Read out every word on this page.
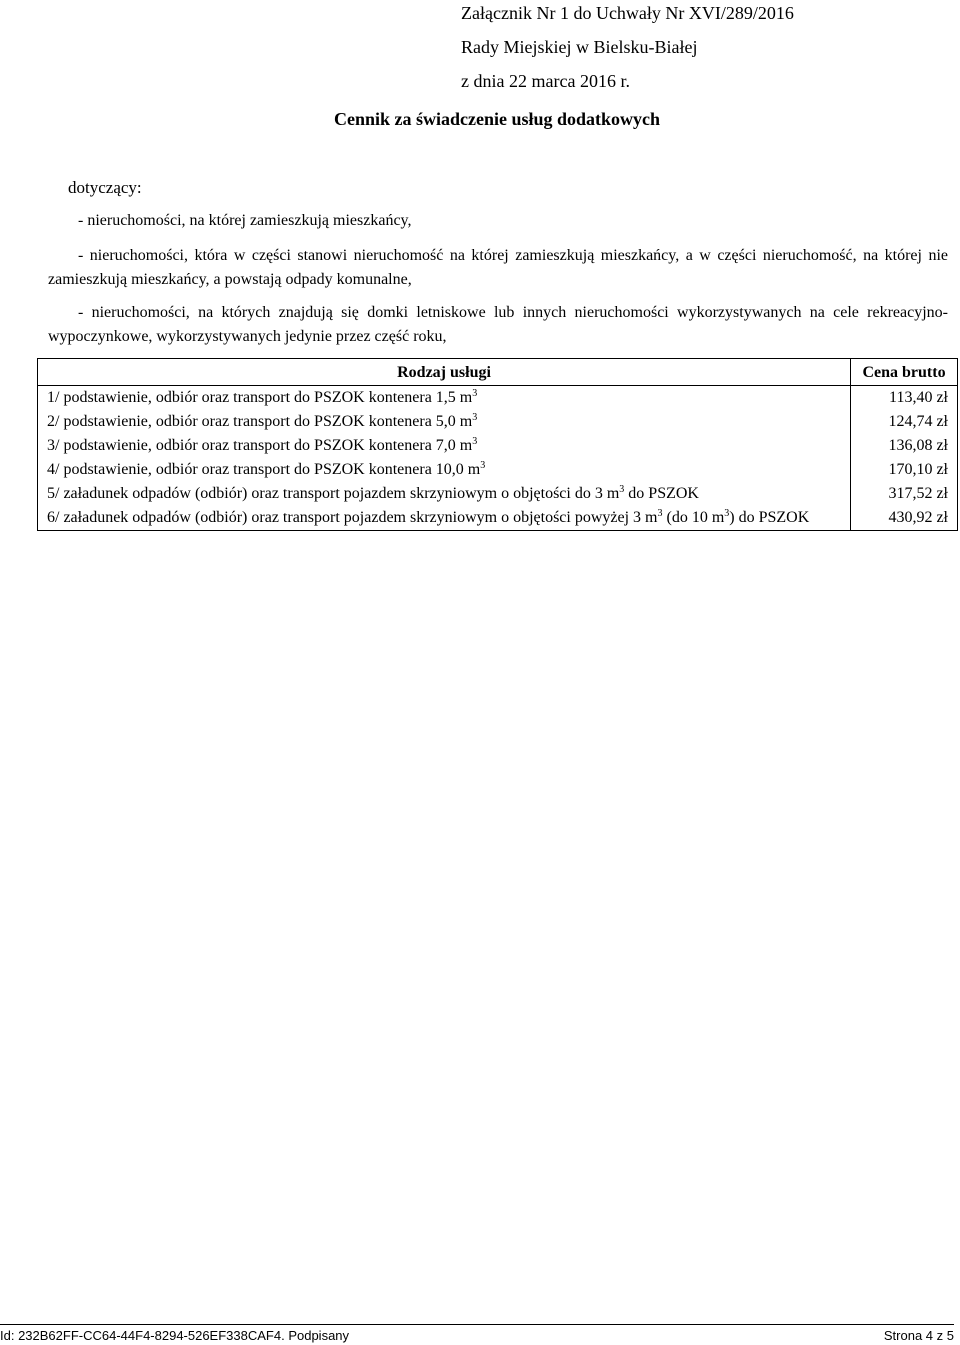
Załącznik Nr 1 do Uchwały Nr XVI/289/2016
Rady Miejskiej w Bielsku-Białej
z dnia 22 marca 2016 r.
Cennik za świadczenie usług dodatkowych
dotyczący:
- nieruchomości, na której zamieszkują mieszkańcy,
- nieruchomości, która w części stanowi nieruchomość na której zamieszkują mieszkańcy, a w części nieruchomość, na której nie zamieszkują mieszkańcy, a powstają odpady komunalne,
- nieruchomości, na których znajdują się domki letniskowe lub innych nieruchomości wykorzystywanych na cele rekreacyjno-wypoczynkowe, wykorzystywanych jedynie przez część roku,
Rodzaj usługi	Cena brutto
1/ podstawienie, odbiór oraz transport do PSZOK kontenera 1,5 $m^3$	113,40 zł
2/ podstawienie, odbiór oraz transport do PSZOK kontenera 5,0 $m^3$	124,74 zł
3/ podstawienie, odbiór oraz transport do PSZOK kontenera 7,0 $m^3$	136,08 zł
4/ podstawienie, odbiór oraz transport do PSZOK kontenera 10,0 $m^3$	170,10 zł
5/ załadunek odpadów (odbiór) oraz transport pojazdem skrzyniowym o objętości do 3 $m^3$ do PSZOK	317,52 zł
6/ załadunek odpadów (odbiór) oraz transport pojazdem skrzyniowym o objętości powyżej 3 $m^3$ (do 10 $m^3$) do PSZOK	430,92 zł
Id: 232B62FF-CC64-44F4-8294-526EF338CAF4. Podpisany	Strona 4 z 5
